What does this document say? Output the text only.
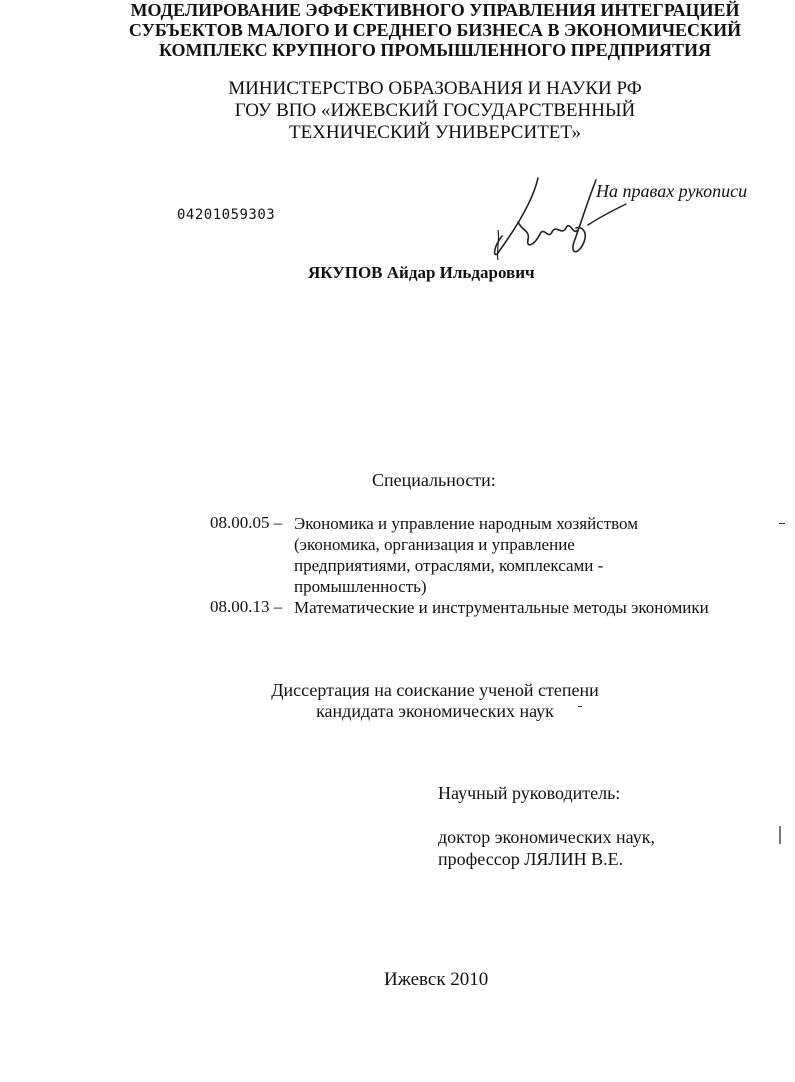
МИНИСТЕРСТВО ОБРАЗОВАНИЯ И НАУКИ РФ
ГОУ ВПО «ИЖЕВСКИЙ ГОСУДАРСТВЕННЫЙ
ТЕХНИЧЕСКИЙ УНИВЕРСИТЕТ»
04201059303
На правах рукописи
ЯКУПОВ Айдар Ильдарович
МОДЕЛИРОВАНИЕ ЭФФЕКТИВНОГО УПРАВЛЕНИЯ ИНТЕГРАЦИЕЙ
СУБЪЕКТОВ МАЛОГО И СРЕДНЕГО БИЗНЕСА В ЭКОНОМИЧЕСКИЙ
КОМПЛЕКС КРУПНОГО ПРОМЫШЛЕННОГО ПРЕДПРИЯТИЯ
Специальности:
08.00.05 – Экономика и управление народным хозяйством
(экономика, организация и управление
предприятиями, отраслями, комплексами -
промышленность)
08.00.13 – Математические и инструментальные методы экономики
Диссертация на соискание ученой степени
кандидата экономических наук
Научный руководитель:
доктор экономических наук,
профессор ЛЯЛИН В.Е.
Ижевск 2010
